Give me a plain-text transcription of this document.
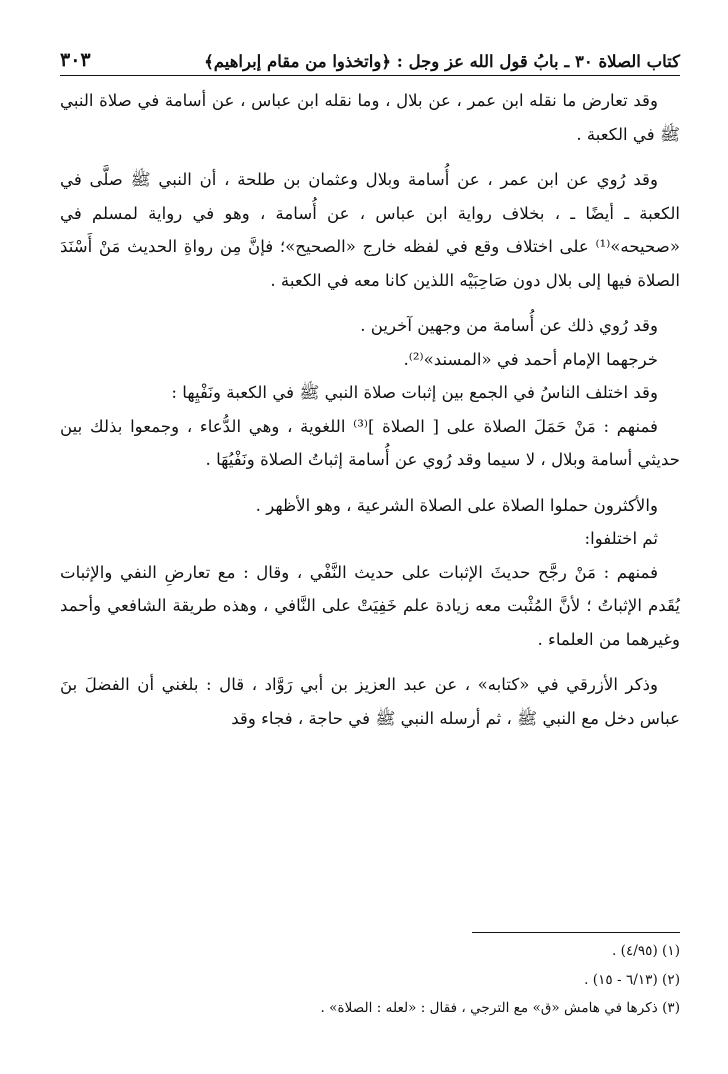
كتاب الصلاة ٣٠ ـ بابُ قول الله عز وجل : ﴿واتخذوا من مقام إبراهيم﴾
٣٠٣

وقد تعارض ما نقله ابن عمر ، عن بلال ، وما نقله ابن عباس ، عن أسامة في صلاة النبي ﷺ في الكعبة .

وقد رُوي عن ابن عمر ، عن أُسامة وبلال وعثمان بن طلحة ، أن النبي ﷺ صلَّى في الكعبة ـ أيضًا ـ ، بخلاف رواية ابن عباس ، عن أُسامة ، وهو في رواية لمسلم في «صحيحه»⁽¹⁾ على اختلاف وقع في لفظه خارج «الصحيح»؛ فإنَّ مِن رواةِ الحديث مَنْ أَسْنَدَ الصلاة فيها إلى بلال دون صَاحِبَيْه اللذين كانا معه في الكعبة .

وقد رُوي ذلك عن أُسامة من وجهين آخرين .

خرجهما الإمام أحمد في «المسند»⁽²⁾.

وقد اختلف الناسُ في الجمع بين إثبات صلاة النبي ﷺ في الكعبة ونَفْيِها :

فمنهم : مَنْ حَمَلَ الصلاة على [ الصلاة ]⁽³⁾ اللغوية ، وهي الدُّعاء ، وجمعوا بذلك بين حديثي أسامة وبلال ، لا سيما وقد رُوي عن أُسامة إثباتُ الصلاة ونَفْيُهَا .

والأكثرون حملوا الصلاة على الصلاة الشرعية ، وهو الأظهر .

ثم اختلفوا:

فمنهم : مَنْ رجَّح حديثَ الإثبات على حديث النَّفْي ، وقال : مع تعارضِ النفي والإثبات يُقَدم الإثباتُ ؛ لأنَّ المُثْبت معه زيادة علم خَفِيَتْ على النَّافي ، وهذه طريقة الشافعي وأحمد وغيرهما من العلماء .

وذكر الأزرقي في «كتابه» ، عن عبد العزيز بن أبي رَوَّاد ، قال : بلغني أن الفضلَ بنَ عباس دخل مع النبي ﷺ ، ثم أرسله النبي ﷺ في حاجة ، فجاء وقد

(١) (٤/٩٥) .

(٢) (٦/١٣ - ١٥) .

(٣) ذكرها في هامش «ق» مع الترجي ، فقال : «لعله : الصلاة» .
